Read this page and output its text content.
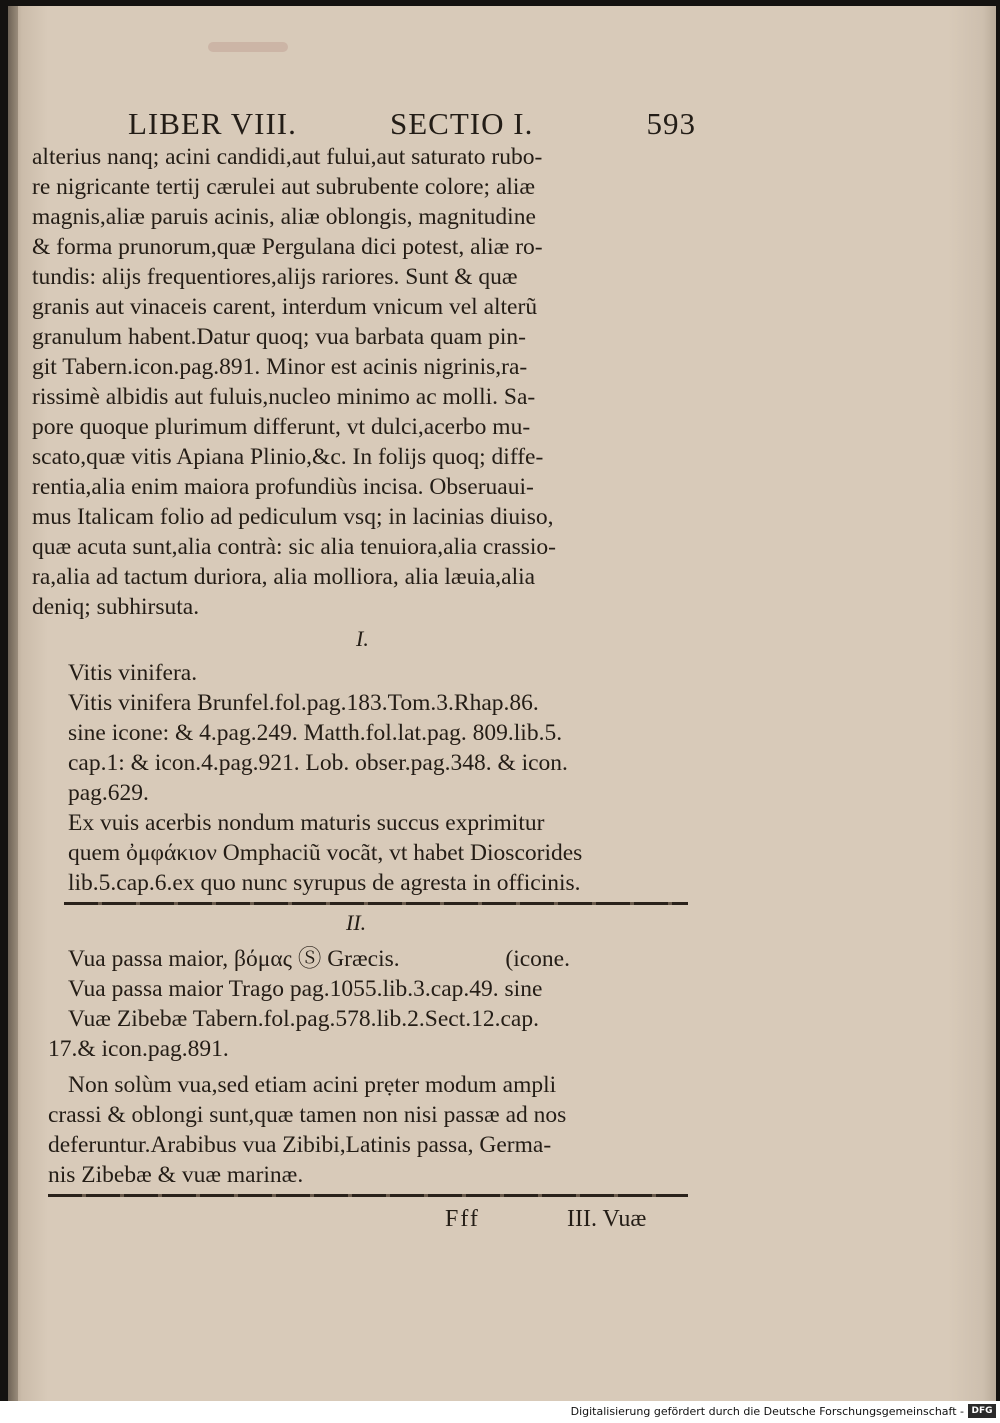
LIBER VIII.	SECTIO I.	593
alterius nanq; acini candidi,aut fului,aut saturato rubo-
re nigricante tertij cærulei aut subrubente colore; aliæ
magnis,aliæ paruis acinis, aliæ oblongis, magnitudine
& forma prunorum,quæ Pergulana dici potest, aliæ ro-
tundis: alijs frequentiores,alijs rariores. Sunt & quæ
granis aut vinaceis carent, interdum vnicum vel alterũ
granulum habent.Datur quoq; vua barbata quam pin-
git Tabern.icon.pag.891. Minor est acinis nigrinis,ra-
rissimè albidis aut fuluis,nucleo minimo ac molli. Sa-
pore quoque plurimum differunt, vt dulci,acerbo mu-
scato,quæ vitis Apiana Plinio,&c. In folijs quoq; diffe-
rentia,alia enim maiora profundiùs incisa. Obseruaui-
mus Italicam folio ad pediculum vsq; in lacinias diuiso,
quæ acuta sunt,alia contrà: sic alia tenuiora,alia crassio-
ra,alia ad tactum duriora, alia molliora, alia læuia,alia
deniq; subhirsuta.
I.
Vitis vinifera.
Vitis vinifera Brunfel.fol.pag.183.Tom.3.Rhap.86.
sine icone: & 4.pag.249. Matth.fol.lat.pag. 809.lib.5.
cap.1: & icon.4.pag.921. Lob. obser.pag.348. & icon.
pag.629.
Ex vuis acerbis nondum maturis succus exprimitur
quem ὀμφάκιον Omphaciũ vocãt, vt habet Dioscorides
lib.5.cap.6.ex quo nunc syrupus de agresta in officinis.
II.
Vua passa maior, βόμας Ⓢ Græcis.                  (icone.
Vua passa maior Trago pag.1055.lib.3.cap.49. sine
Vuæ Zibebæ Tabern.fol.pag.578.lib.2.Sect.12.cap.
17.& icon.pag.891.
Non solùm vua,sed etiam acini prẹter modum ampli
crassi & oblongi sunt,quæ tamen non nisi passæ ad nos
deferuntur.Arabibus vua Zibibi,Latinis passa, Germa-
nis Zibebæ & vuæ marinæ.
Fff	III. Vuæ
Digitalisierung gefördert durch die Deutsche Forschungsgemeinschaft - DFG
